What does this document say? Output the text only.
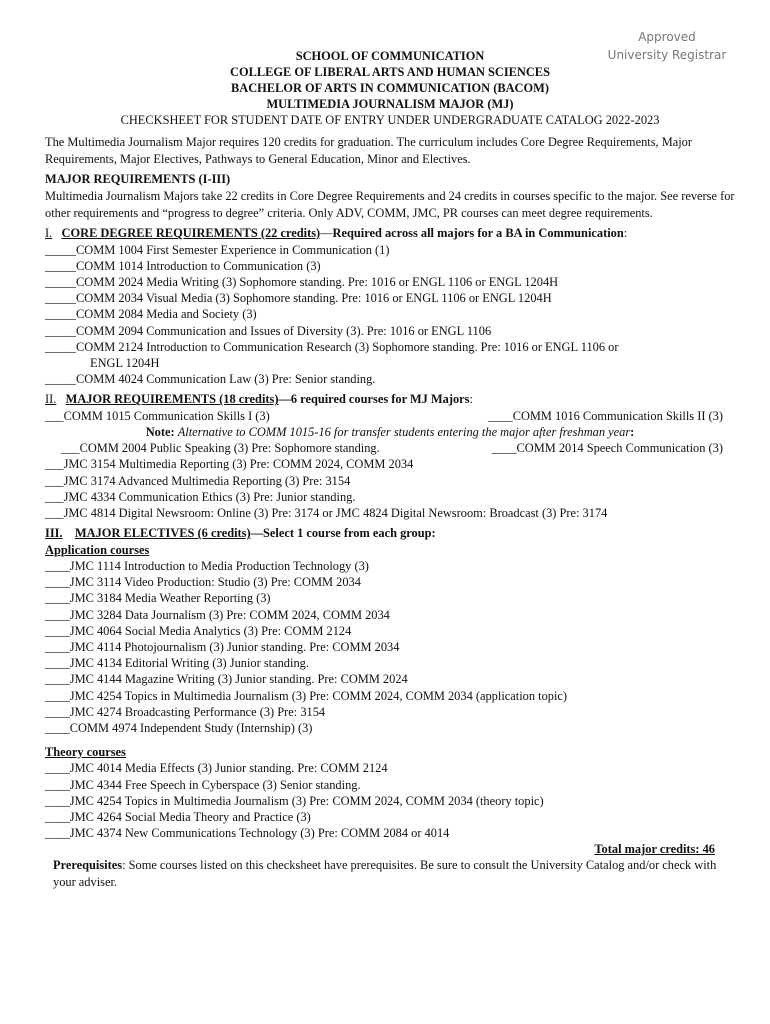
Approved
University Registrar
SCHOOL OF COMMUNICATION
COLLEGE OF LIBERAL ARTS AND HUMAN SCIENCES
BACHELOR OF ARTS IN COMMUNICATION (BACOM)
MULTIMEDIA JOURNALISM MAJOR (MJ)
CHECKSHEET FOR STUDENT DATE OF ENTRY UNDER UNDERGRADUATE CATALOG 2022-2023

The Multimedia Journalism Major requires 120 credits for graduation. The curriculum includes Core Degree Requirements, Major Requirements, Major Electives, Pathways to General Education, Minor and Electives.

MAJOR REQUIREMENTS (I-III)

Multimedia Journalism Majors take 22 credits in Core Degree Requirements and 24 credits in courses specific to the major. See reverse for other requirements and “progress to degree” criteria. Only ADV, COMM, JMC, PR courses can meet degree requirements.

I. CORE DEGREE REQUIREMENTS (22 credits)—Required across all majors for a BA in Communication:
_____COMM 1004 First Semester Experience in Communication (1)
_____COMM 1014 Introduction to Communication (3)
_____COMM 2024 Media Writing (3) Sophomore standing. Pre: 1016 or ENGL 1106 or ENGL 1204H
_____COMM 2034 Visual Media (3) Sophomore standing. Pre: 1016 or ENGL 1106 or ENGL 1204H
_____COMM 2084 Media and Society (3)
_____COMM 2094 Communication and Issues of Diversity (3). Pre: 1016 or ENGL 1106
_____COMM 2124 Introduction to Communication Research (3) Sophomore standing. Pre: 1016 or ENGL 1106 or
ENGL 1204H
_____COMM 4024 Communication Law (3) Pre: Senior standing.
II. MAJOR REQUIREMENTS (18 credits)—6 required courses for MJ Majors:
___COMM 1015 Communication Skills I (3)	____COMM 1016 Communication Skills II (3)
Note: Alternative to COMM 1015-16 for transfer students entering the major after freshman year:
___COMM 2004 Public Speaking (3) Pre: Sophomore standing.	____COMM 2014 Speech Communication (3)
___JMC 3154 Multimedia Reporting (3) Pre: COMM 2024, COMM 2034
___JMC 3174 Advanced Multimedia Reporting (3) Pre: 3154
___JMC 4334 Communication Ethics (3) Pre: Junior standing.
___JMC 4814 Digital Newsroom: Online (3) Pre: 3174 or JMC 4824 Digital Newsroom: Broadcast (3) Pre: 3174
III. MAJOR ELECTIVES (6 credits)—Select 1 course from each group:
Application courses
____JMC 1114 Introduction to Media Production Technology (3)
____JMC 3114 Video Production: Studio (3) Pre: COMM 2034
____JMC 3184 Media Weather Reporting (3)
____JMC 3284 Data Journalism (3) Pre: COMM 2024, COMM 2034
____JMC 4064 Social Media Analytics (3) Pre: COMM 2124
____JMC 4114 Photojournalism (3) Junior standing. Pre: COMM 2034
____JMC 4134 Editorial Writing (3) Junior standing.
____JMC 4144 Magazine Writing (3) Junior standing. Pre: COMM 2024
____JMC 4254 Topics in Multimedia Journalism (3) Pre: COMM 2024, COMM 2034 (application topic)
____JMC 4274 Broadcasting Performance (3) Pre: 3154
____COMM 4974 Independent Study (Internship) (3)
Theory courses
____JMC 4014 Media Effects (3) Junior standing. Pre: COMM 2124
____JMC 4344 Free Speech in Cyberspace (3) Senior standing.
____JMC 4254 Topics in Multimedia Journalism (3) Pre: COMM 2024, COMM 2034 (theory topic)
____JMC 4264 Social Media Theory and Practice (3)
____JMC 4374 New Communications Technology (3) Pre: COMM 2084 or 4014
Total major credits: 46

Prerequisites: Some courses listed on this checksheet have prerequisites. Be sure to consult the University Catalog and/or check with your adviser.
